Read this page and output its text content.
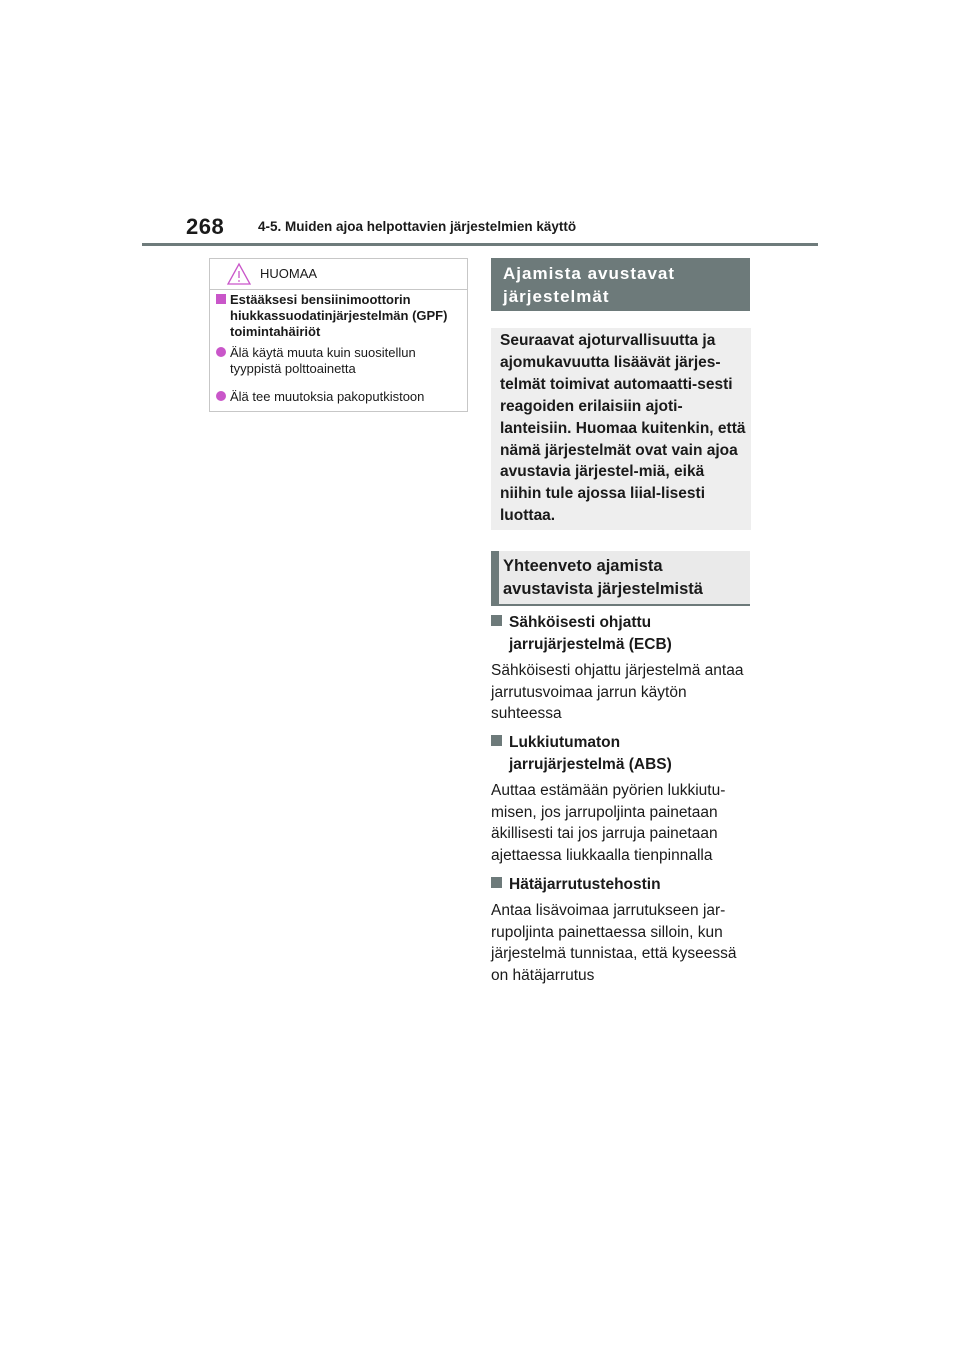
268	4-5. Muiden ajoa helpottavien järjestelmien käyttö
HUOMAA
Estääksesi bensiinimoottorin hiukkassuodatinjärjestelmän (GPF) toimintahäiriöt
Älä käytä muuta kuin suositellun tyyppistä polttoainetta
Älä tee muutoksia pakoputkistoon
Ajamista avustavat järjestelmät

Seuraavat ajoturvallisuutta ja ajomukavuutta lisäävät järjes-telmät toimivat automaatti-sesti reagoiden erilaisiin ajoti-lanteisiin. Huomaa kuitenkin, että nämä järjestelmät ovat vain ajoa avustavia järjestel-miä, eikä niihin tule ajossa liial-lisesti luottaa.

Yhteenveto ajamista avustavista järjestelmistä
Sähköisesti ohjattu jarrujärjestelmä (ECB)

Sähköisesti ohjattu järjestelmä antaa jarrutusvoimaa jarrun käytön suhteessa

Lukkiutumaton jarrujärjestelmä (ABS)

Auttaa estämään pyörien lukkiutu-misen, jos jarrupoljinta painetaan äkillisesti tai jos jarruja painetaan ajettaessa liukkaalla tienpinnalla

Hätäjarrutustehostin

Antaa lisävoimaa jarrutukseen jar-rupoljinta painettaessa silloin, kun järjestelmä tunnistaa, että kyseessä on hätäjarrutus
